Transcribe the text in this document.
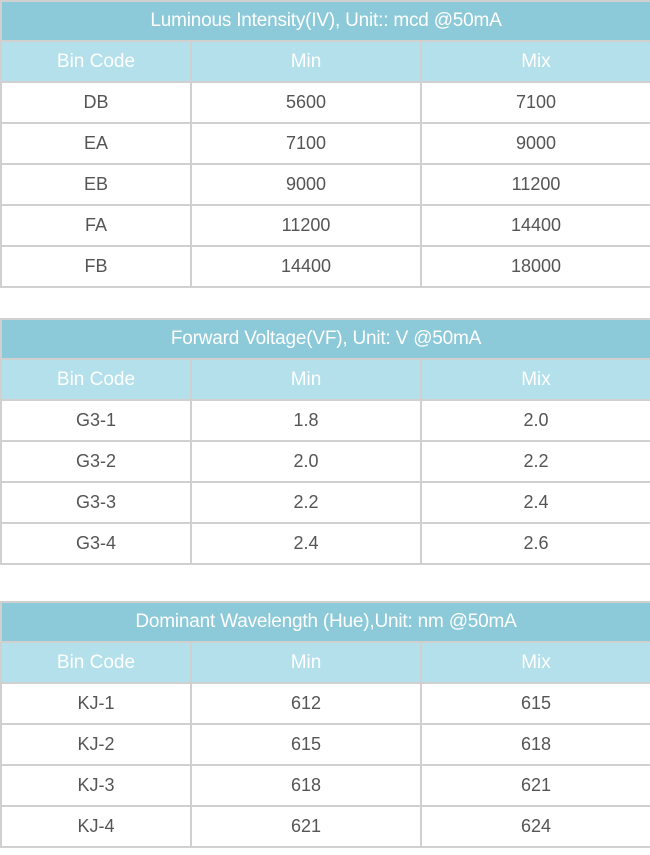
Luminous Intensity(IV), Unit:: mcd @50mA		
Bin Code	Min	Mix
DB	5600	7100
EA	7100	9000
EB	9000	11200
FA	11200	14400
FB	14400	18000
Forward Voltage(VF), Unit: V @50mA		
Bin Code	Min	Mix
G3-1	1.8	2.0
G3-2	2.0	2.2
G3-3	2.2	2.4
G3-4	2.4	2.6
Dominant Wavelength (Hue),Unit: nm @50mA		
Bin Code	Min	Mix
KJ-1	612	615
KJ-2	615	618
KJ-3	618	621
KJ-4	621	624
